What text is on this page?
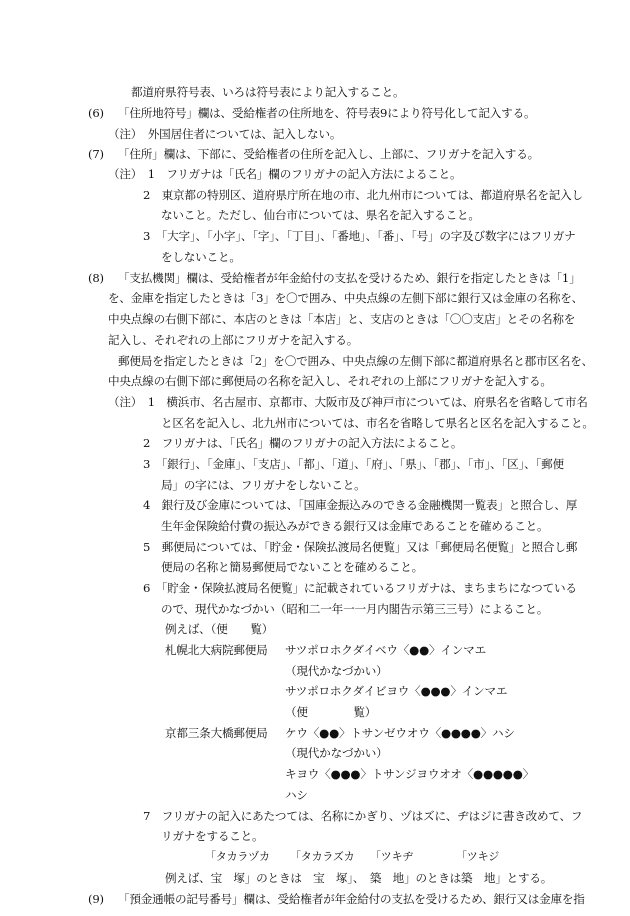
都道府県符号表、いろは符号表により記入すること。
(6) 「住所地符号」欄は、受給権者の住所地を、符号表9により符号化して記入する。
（注）　外国居住者については、記入しない。
(7) 「住所」欄は、下部に、受給権者の住所を記入し、上部に、フリガナを記入する。
（注）　1　フリガナは「氏名」欄のフリガナの記入方法によること。
2　東京都の特別区、道府県庁所在地の市、北九州市については、都道府県名を記入し
ないこと。ただし、仙台市については、県名を記入すること。
3　「大字」、「小字」、「字」、「丁目」、「番地」、「番」、「号」の字及び数字にはフリガナ
をしないこと。
(8) 「支払機関」欄は、受給権者が年金給付の支払を受けるため、銀行を指定したときは「1」
を、金庫を指定したときは「3」を〇で囲み、中央点線の左側下部に銀行又は金庫の名称を、
中央点線の右側下部に、本店のときは「本店」と、支店のときは「〇〇支店」とその名称を
記入し、それぞれの上部にフリガナを記入する。
郵便局を指定したときは「2」を〇で囲み、中央点線の左側下部に都道府県名と郡市区名を、
中央点線の右側下部に郵便局の名称を記入し、それぞれの上部にフリガナを記入する。
（注）　1　横浜市、名古屋市、京都市、大阪市及び神戸市については、府県名を省略して市名
と区名を記入し、北九州市については、市名を省略して県名と区名を記入すること。
2　フリガナは、「氏名」欄のフリガナの記入方法によること。
3　「銀行」、「金庫」、「支店」、「都」、「道」、「府」、「県」、「郡」、「市」、「区」、「郵便
局」の字には、フリガナをしないこと。
4　銀行及び金庫については、「国庫金振込みのできる金融機関一覧表」と照合し、厚
生年金保険給付費の振込みができる銀行又は金庫であることを確めること。
5　郵便局については、「貯金・保険払渡局名便覧」又は「郵便局名便覧」と照合し郵
便局の名称と簡易郵便局でないことを確めること。
6　「貯金・保険払渡局名便覧」に記載されているフリガナは、まちまちになつている
ので、現代かなづかい（昭和二一年一一月内閣告示第三三号）によること。
例えば、（便　　覧）
札幌北大病院郵便局 サツポロホクダイベウ〈●●〉インマエ
（現代かなづかい）
サツポロホクダイビヨウ〈●●●〉インマエ
（便　　　　覧）
京都三条大橋郵便局 ケウ〈●●〉トサンゼウオウ〈●●●●〉ハシ
（現代かなづかい）
キヨウ〈●●●〉トサンジヨウオオ〈●●●●●〉
ハシ
7　フリガナの記入にあたつては、名称にかぎり、ヅはズに、ヂはジに書き改めて、フ
リガナをすること。
「タカラヅカ 「タカラズカ 「ツキヂ	「ツキジ
例えば、宝　塚」のときは　宝　塚」、　築　地」のときは築　地」とする。
(9) 「預金通帳の記号番号」欄は、受給権者が年金給付の支払を受けるため、銀行又は金庫を指
